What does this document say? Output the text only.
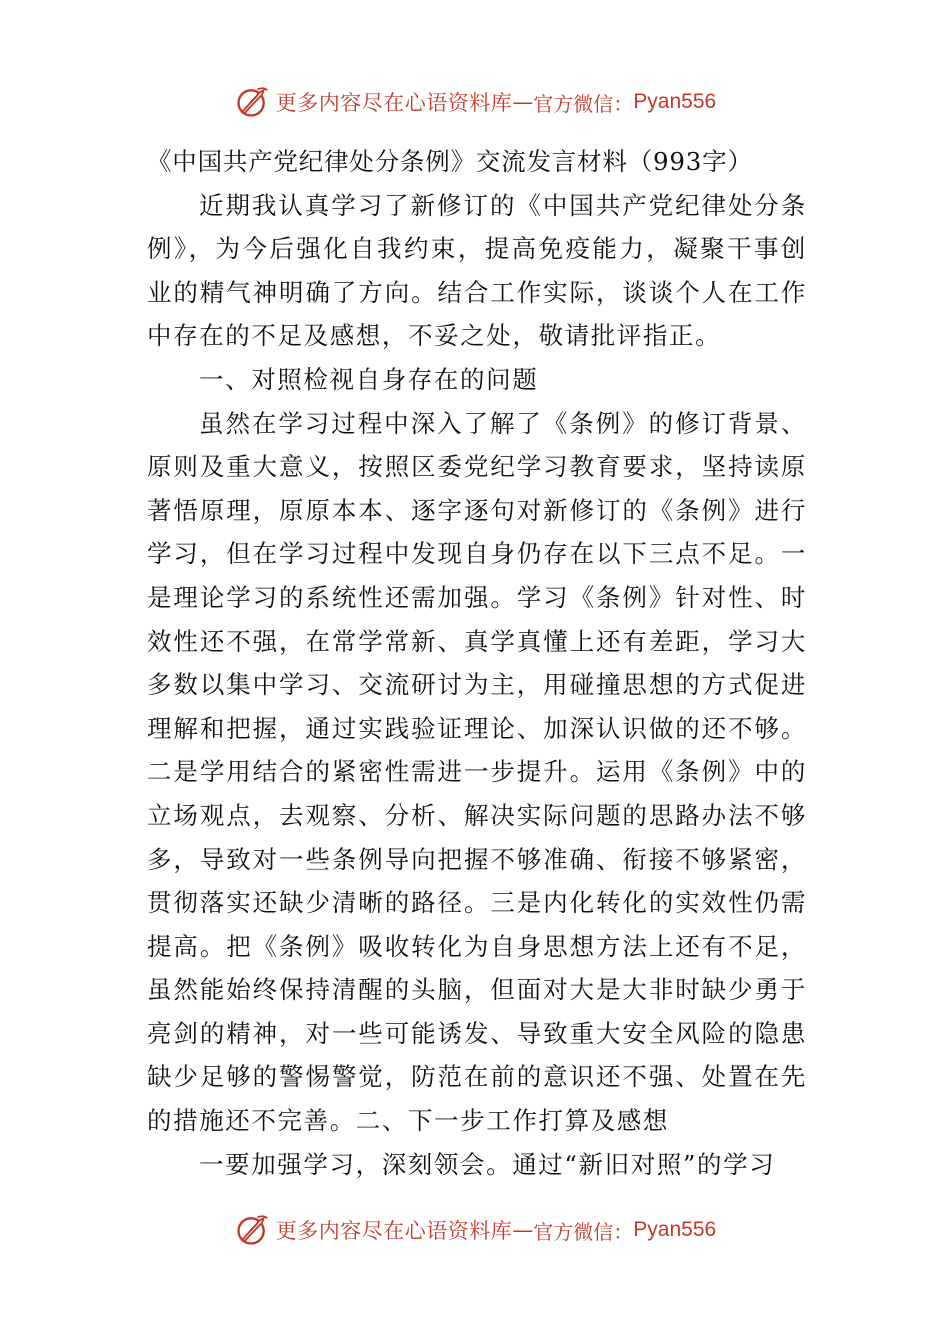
更多内容尽在心语资料库 — 官方微信： Pyan556

《中国共产党纪律处分条例》交流发言材料（993字）

近期我认真学习了新修订的《中国共产党纪律处分条例》，为今后强化自我约束，提高免疫能力，凝聚干事创业的精气神明确了方向。结合工作实际，谈谈个人在工作中存在的不足及感想，不妥之处，敬请批评指正。

一、对照检视自身存在的问题

虽然在学习过程中深入了解了《条例》的修订背景、原则及重大意义，按照区委党纪学习教育要求，坚持读原著悟原理，原原本本、逐字逐句对新修订的《条例》进行学习，但在学习过程中发现自身仍存在以下三点不足。一是理论学习的系统性还需加强。学习《条例》针对性、时效性还不强，在常学常新、真学真懂上还有差距，学习大多数以集中学习、交流研讨为主，用碰撞思想的方式促进理解和把握，通过实践验证理论、加深认识做的还不够。二是学用结合的紧密性需进一步提升。运用《条例》中的立场观点，去观察、分析、解决实际问题的思路办法不够多，导致对一些条例导向把握不够准确、衔接不够紧密，贯彻落实还缺少清晰的路径。三是内化转化的实效性仍需提高。把《条例》吸收转化为自身思想方法上还有不足，虽然能始终保持清醒的头脑，但面对大是大非时缺少勇于亮剑的精神，对一些可能诱发、导致重大安全风险的隐患缺少足够的警惕警觉，防范在前的意识还不强、处置在先的措施还不完善。二、下一步工作打算及感想

一要加强学习，深刻领会。通过“新旧对照”的学习

更多内容尽在心语资料库 — 官方微信： Pyan556
